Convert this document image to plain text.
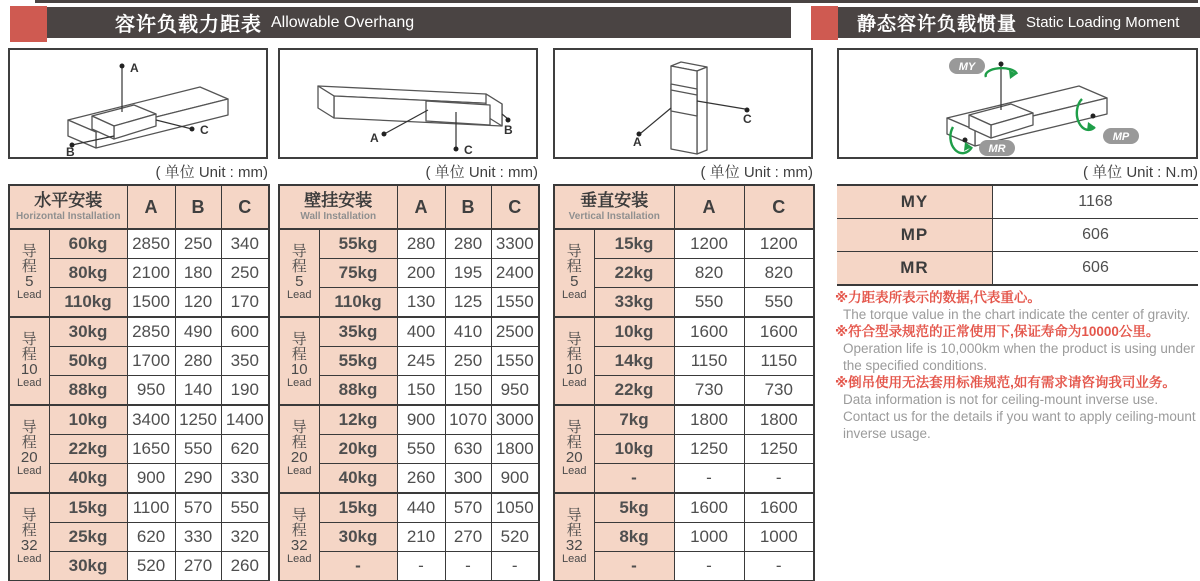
容许负载力距表 Allowable Overhang	静态容许负载惯量 Static Loading Moment
A
B
C
A
B
C
A
C
MY
MP
MR
( 单位 Unit : mm)	( 单位 Unit : mm)	( 单位 Unit : mm)	( 单位 Unit : N.m)
水平安装
Horizontal Installation		A	B	C

导
程
5
Lead	60kg	2850	250	340
	80kg	2100	180	250
	110kg	1500	120	170

导
程
10
Lead	30kg	2850	490	600
	50kg	1700	280	350
	88kg	950	140	190

导
程
20
Lead	10kg	3400	1250	1400
	22kg	1650	550	620
	40kg	900	290	330

导
程
32
Lead	15kg	1100	570	550
	25kg	620	330	320
	30kg	520	270	260
壁挂安装
Wall Installation		A	B	C

导
程
5
Lead	55kg	280	280	3300
	75kg	200	195	2400
	110kg	130	125	1550

导
程
10
Lead	35kg	400	410	2500
	55kg	245	250	1550
	88kg	150	150	950

导
程
20
Lead	12kg	900	1070	3000
	20kg	550	630	1800
	40kg	260	300	900

导
程
32
Lead	15kg	440	570	1050
	30kg	210	270	520
	-	-	-	-
垂直安装
Vertical Installation		A	C

导
程
5
Lead	15kg	1200	1200
	22kg	820	820
	33kg	550	550

导
程
10
Lead	10kg	1600	1600
	14kg	1150	1150
	22kg	730	730

导
程
20
Lead	7kg	1800	1800
	10kg	1250	1250
	-	-	-

导
程
32
Lead	5kg	1600	1600
	8kg	1000	1000
	-	-	-
MY	1168
MP	606
MR	606
※力距表所表示的数据,代表重心。
The torque value in the chart indicate the center of gravity.
※符合型录规范的正常使用下,保证寿命为10000公里。
Operation life is 10,000km when the product is using under the specified conditions.
※倒吊使用无法套用标准规范,如有需求请咨询我司业务。
Data information is not for ceiling-mount inverse use. Contact us for the details if you want to apply ceiling-mount inverse usage.
